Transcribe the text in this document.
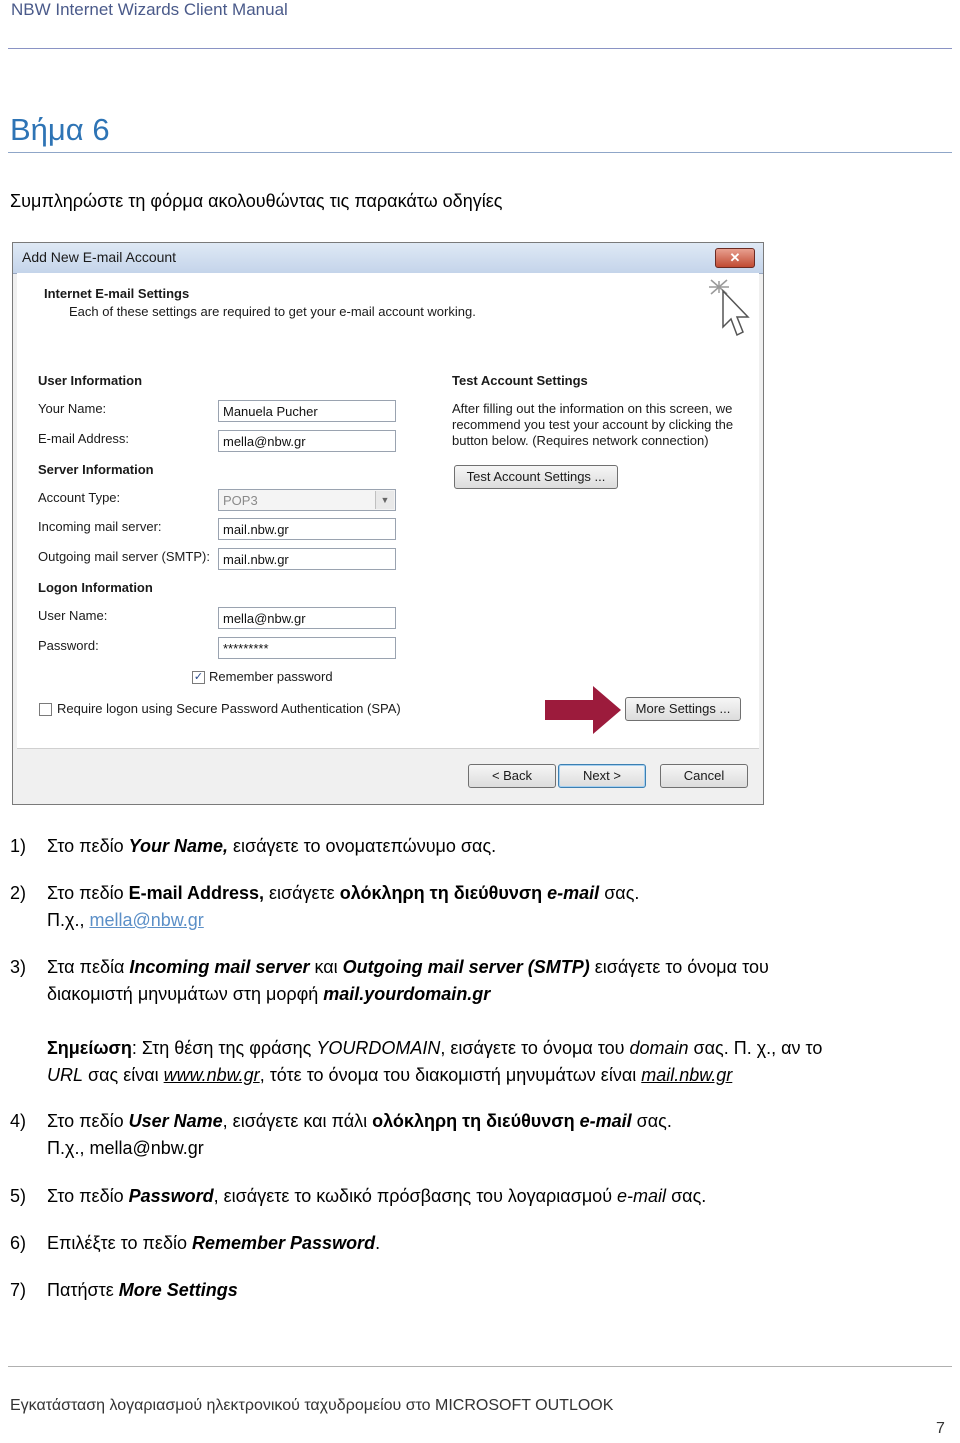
NBW Internet Wizards Client Manual
Βήμα 6
Συμπληρώστε τη φόρμα ακολουθώντας τις παρακάτω οδηγίες
Add New E-mail Account	✕
Internet E-mail Settings
Each of these settings are required to get your e-mail account working.
User Information
Your Name:	Manuela Pucher
E-mail Address:	mella@nbw.gr
Server Information
Account Type:	POP3	▼
Incoming mail server:	mail.nbw.gr
Outgoing mail server (SMTP):	mail.nbw.gr
Logon Information
User Name:	mella@nbw.gr
Password:	*********
✓ Remember password
Require logon using Secure Password Authentication (SPA)
Test Account Settings
After filling out the information on this screen, we
recommend you test your account by clicking the
button below. (Requires network connection)
Test Account Settings ...
More Settings ...
< Back	Next >	Cancel
1) Στο πεδίο Your Name, εισάγετε το ονοματεπώνυμο σας.
2) Στο πεδίο E-mail Address, εισάγετε ολόκληρη τη διεύθυνση e-mail σας.
Π.χ., mella@nbw.gr
3) Στα πεδία Incoming mail server και Outgoing mail server (SMTP) εισάγετε το όνομα του
διακομιστή μηνυμάτων στη μορφή mail.yourdomain.gr
Σημείωση: Στη θέση της φράσης YOURDOMAIN, εισάγετε το όνομα του domain σας. Π. χ., αν το
URL σας είναι www.nbw.gr, τότε το όνομα του διακομιστή μηνυμάτων είναι mail.nbw.gr
4) Στο πεδίο User Name, εισάγετε και πάλι ολόκληρη τη διεύθυνση e-mail σας.
Π.χ., mella@nbw.gr
5) Στο πεδίο Password, εισάγετε το κωδικό πρόσβασης του λογαριασμού e-mail σας.
6) Επιλέξτε το πεδίο Remember Password.
7) Πατήστε More Settings
Εγκατάσταση λογαριασμού ηλεκτρονικού ταχυδρομείου στο MICROSOFT OUTLOOK
7
